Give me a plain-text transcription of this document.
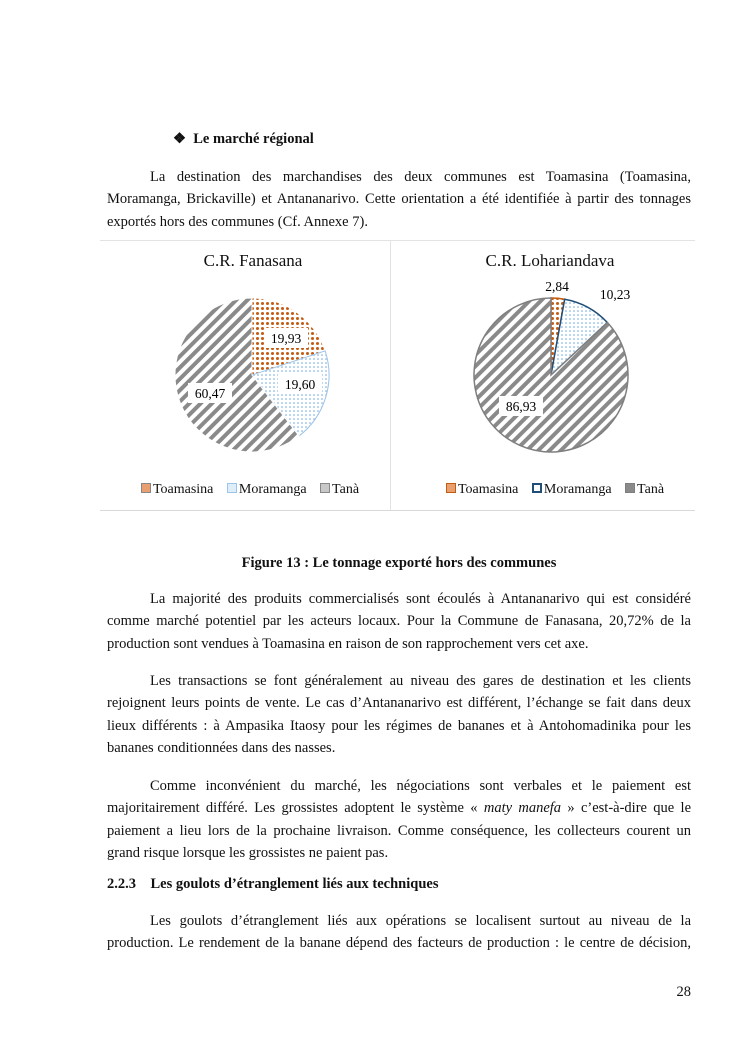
❖ Le marché régional
La destination des marchandises des deux communes est Toamasina (Toamasina,
Moramanga, Brickaville) et Antananarivo. Cette orientation a été identifiée à partir des tonnages
exportés hors des communes (Cf. Annexe 7).
C.R. Fanasana	C.R. Lohariandava
19,93
19,60
60,47
2,84
10,23
86,93
Toamasina Moramanga Tanà	Toamasina Moramanga Tanà
Figure 13 : Le tonnage exporté hors des communes
La majorité des produits commercialisés sont écoulés à Antananarivo qui est considéré
comme marché potentiel par les acteurs locaux. Pour la Commune de Fanasana, 20,72% de la
production sont vendues à Toamasina en raison de son rapprochement vers cet axe.
Les transactions se font généralement au niveau des gares de destination et les clients
rejoignent leurs points de vente. Le cas d’Antananarivo est différent, l’échange se fait dans deux
lieux différents : à Ampasika Itaosy pour les régimes de bananes et à Antohomadinika pour les
bananes conditionnées dans des nasses.
Comme inconvénient du marché, les négociations sont verbales et le paiement est
majoritairement différé. Les grossistes adoptent le système « maty manefa » c’est-à-dire que le
paiement a lieu lors de la prochaine livraison. Comme conséquence, les collecteurs courent un
grand risque lorsque les grossistes ne paient pas.
2.2.3 Les goulots d’étranglement liés aux techniques
Les goulots d’étranglement liés aux opérations se localisent surtout au niveau de la
production. Le rendement de la banane dépend des facteurs de production : le centre de décision,
28
